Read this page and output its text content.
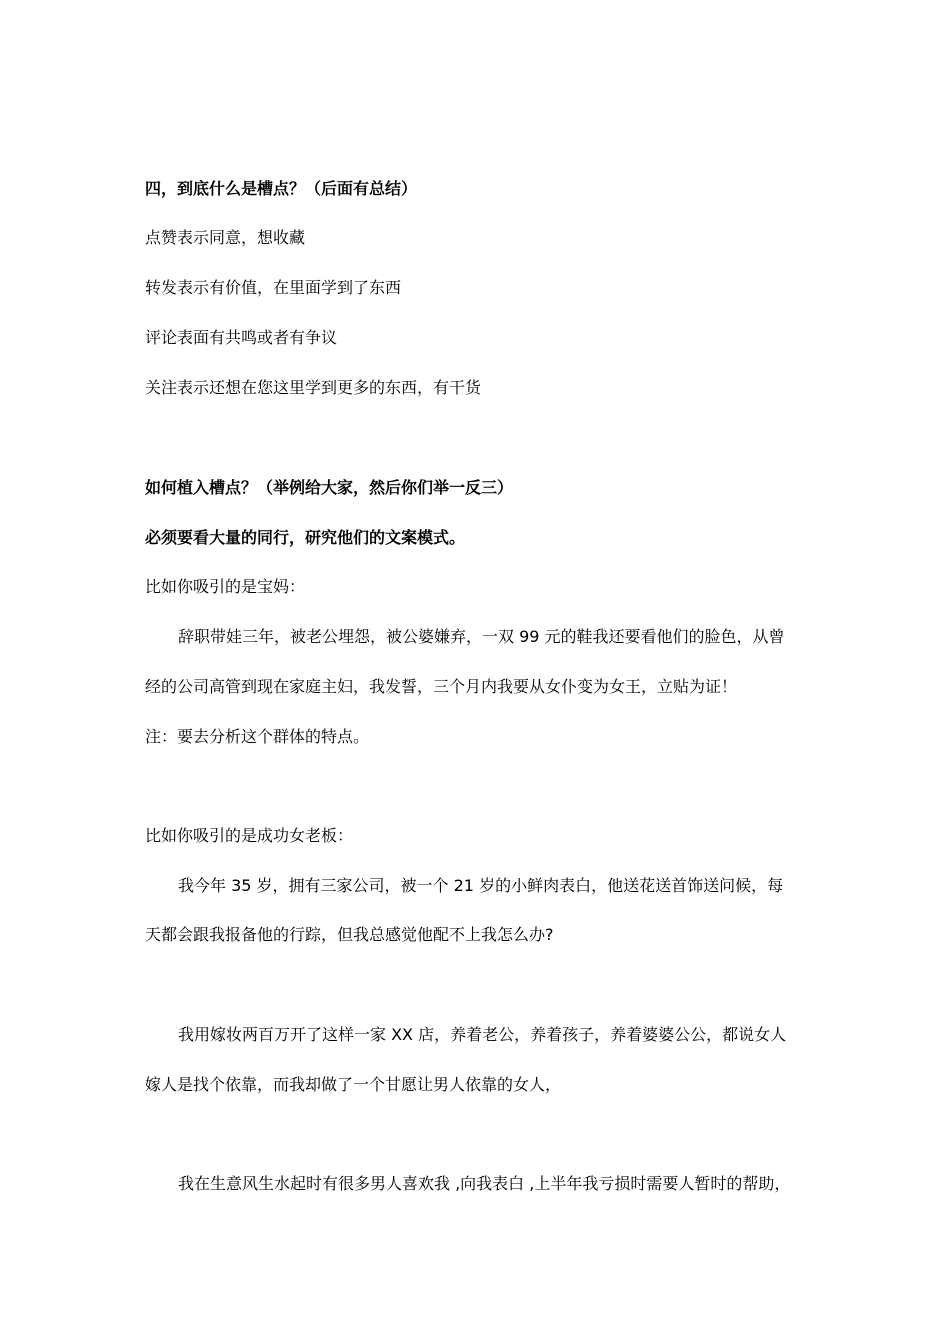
四，到底什么是槽点？（后面有总结）
点赞表示同意，想收藏
转发表示有价值，在里面学到了东西
评论表面有共鸣或者有争议
关注表示还想在您这里学到更多的东西，有干货
如何植入槽点？（举例给大家，然后你们举一反三）
必须要看大量的同行，研究他们的文案模式。
比如你吸引的是宝妈：
辞职带娃三年，被老公埋怨，被公婆嫌弃，一双 99 元的鞋我还要看他们的脸色，从曾
经的公司高管到现在家庭主妇，我发誓，三个月内我要从女仆变为女王，立贴为证！
注：要去分析这个群体的特点。
比如你吸引的是成功女老板：
我今年 35 岁，拥有三家公司，被一个 21 岁的小鲜肉表白，他送花送首饰送问候，每
天都会跟我报备他的行踪，但我总感觉他配不上我怎么办?
我用嫁妆两百万开了这样一家 XX 店，养着老公，养着孩子，养着婆婆公公，都说女人
嫁人是找个依靠，而我却做了一个甘愿让男人依靠的女人，
我在生意风生水起时有很多男人喜欢我 ,向我表白 ,上半年我亏损时需要人暂时的帮助，
